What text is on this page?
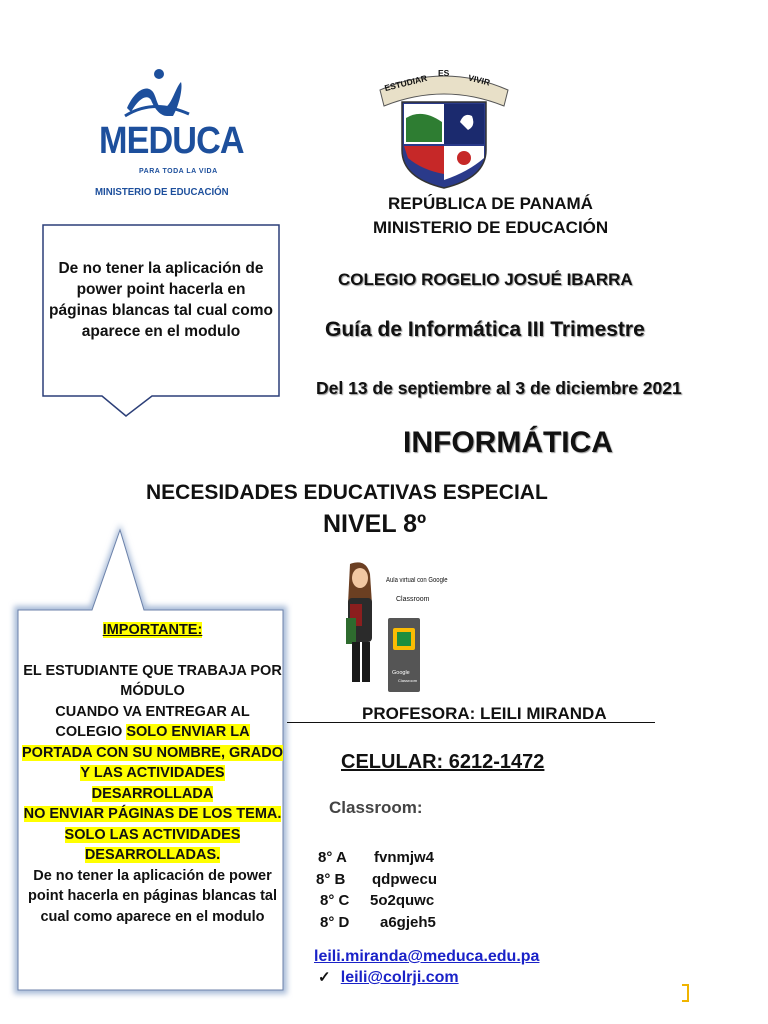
MEDUCA
PARA TODA LA VIDA
MINISTERIO DE EDUCACIÓN
De no tener la aplicación de power point hacerla en páginas blancas tal cual como aparece en el modulo
ESTUDIAR ES VIVIR
REPÚBLICA DE PANAMÁ
MINISTERIO DE EDUCACIÓN
COLEGIO ROGELIO JOSUÉ IBARRA
Guía de Informática III Trimestre
Del 13 de septiembre al 3 de diciembre 2021
INFORMÁTICA
NECESIDADES EDUCATIVAS ESPECIAL
NIVEL 8º
Aula virtual con Google
Classroom
Google
Classroom
IMPORTANTE:
EL ESTUDIANTE QUE TRABAJA POR MÓDULO
CUANDO VA ENTREGAR AL COLEGIO SOLO ENVIAR LA PORTADA CON SU NOMBRE, GRADO Y LAS ACTIVIDADES DESARROLLADA
NO ENVIAR PÁGINAS DE LOS TEMA.
SOLO LAS ACTIVIDADES DESARROLLADAS.
De no tener la aplicación de power point hacerla en páginas blancas tal cual como aparece en el modulo
PROFESORA: LEILI MIRANDA
CELULAR: 6212-1472
Classroom:
8° A	fvnmjw4
8° B	qdpwecu
8° C	5o2quwc
8° D	a6gjeh5
leili.miranda@meduca.edu.pa
✓ leili@colrji.com
